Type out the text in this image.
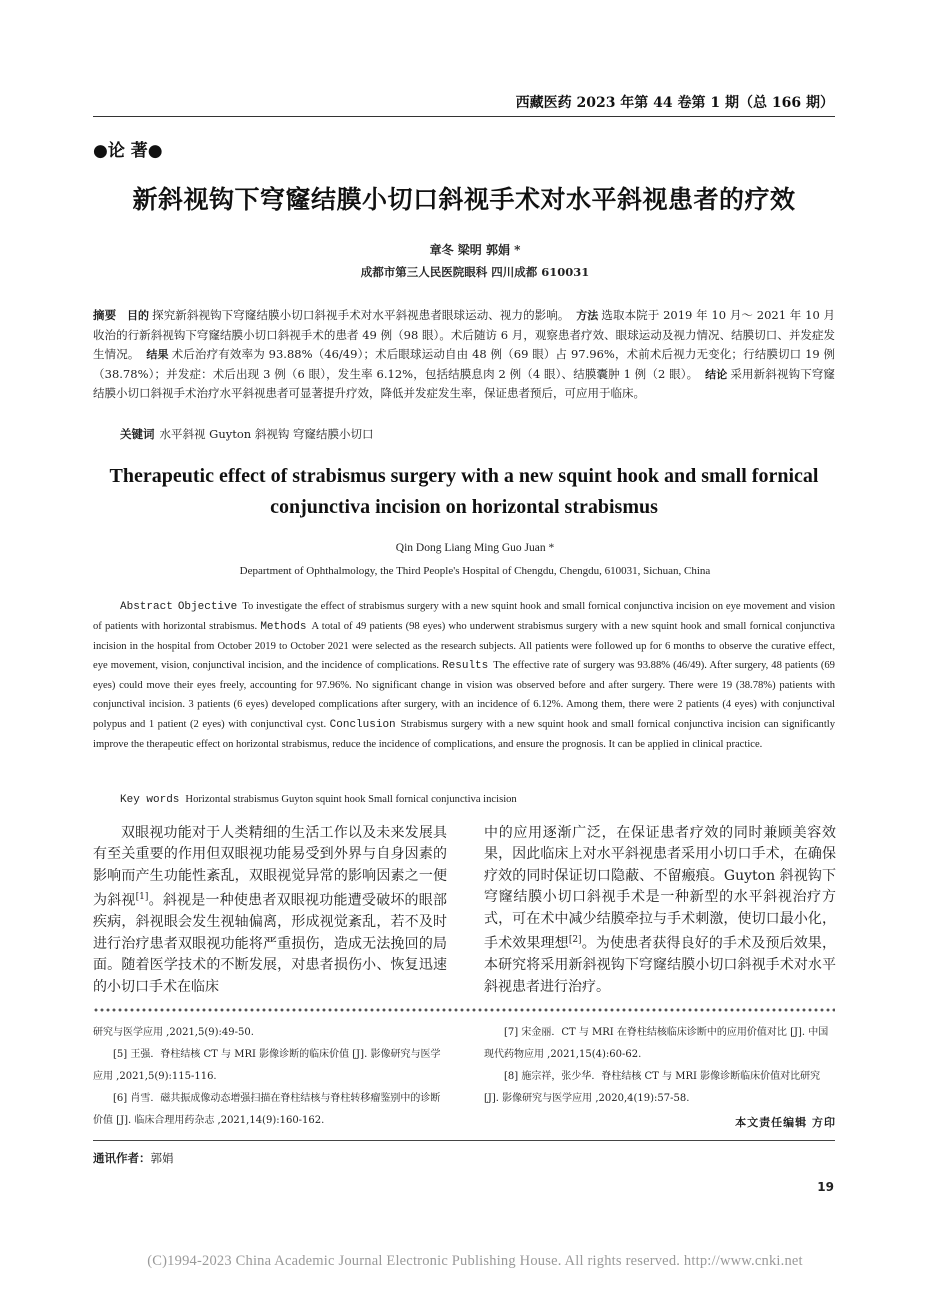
西藏医药 2023 年第 44 卷第 1 期（总 166 期）
●论 著●
新斜视钩下穹窿结膜小切口斜视手术对水平斜视患者的疗效
章冬 梁明 郭娟 *
成都市第三人民医院眼科 四川成都 610031
摘要 目的 探究新斜视钩下穹窿结膜小切口斜视手术对水平斜视患者眼球运动、视力的影响。 方法 选取本院于 2019 年 10 月～ 2021 年 10 月收治的行新斜视钩下穹窿结膜小切口斜视手术的患者 49 例（98 眼）。术后随访 6 月，观察患者疗效、眼球运动及视力情况、结膜切口、并发症发生情况。 结果 术后治疗有效率为 93.88%（46/49）；术后眼球运动自由 48 例（69 眼）占 97.96%，术前术后视力无变化；行结膜切口 19 例（38.78%）；并发症：术后出现 3 例（6 眼），发生率 6.12%，包括结膜息肉 2 例（4 眼）、结膜囊肿 1 例（2 眼）。 结论 采用新斜视钩下穹窿结膜小切口斜视手术治疗水平斜视患者可显著提升疗效，降低并发症发生率，保证患者预后，可应用于临床。
关键词 水平斜视 Guyton 斜视钩 穹窿结膜小切口
Therapeutic effect of strabismus surgery with a new squint hook and small fornical conjunctiva incision on horizontal strabismus
Qin Dong Liang Ming Guo Juan *
Department of Ophthalmology, the Third People's Hospital of Chengdu, Chengdu, 610031, Sichuan, China
Abstract Objective To investigate the effect of strabismus surgery with a new squint hook and small fornical conjunctiva incision on eye movement and vision of patients with horizontal strabismus. Methods A total of 49 patients (98 eyes) who underwent strabismus surgery with a new squint hook and small fornical conjunctiva incision in the hospital from October 2019 to October 2021 were selected as the research subjects. All patients were followed up for 6 months to observe the curative effect, eye movement, vision, conjunctival incision, and the incidence of complications. Results The effective rate of surgery was 93.88% (46/49). After surgery, 48 patients (69 eyes) could move their eyes freely, accounting for 97.96%. No significant change in vision was observed before and after surgery. There were 19 (38.78%) patients with conjunctival incision. 3 patients (6 eyes) developed complications after surgery, with an incidence of 6.12%. Among them, there were 2 patients (4 eyes) with conjunctival polypus and 1 patient (2 eyes) with conjunctival cyst. Conclusion Strabismus surgery with a new squint hook and small fornical conjunctiva incision can significantly improve the therapeutic effect on horizontal strabismus, reduce the incidence of complications, and ensure the prognosis. It can be applied in clinical practice.
Key words Horizontal strabismus Guyton squint hook Small fornical conjunctiva incision
双眼视功能对于人类精细的生活工作以及未来发展具有至关重要的作用但双眼视功能易受到外界与自身因素的影响而产生功能性紊乱，双眼视觉异常的影响因素之一便为斜视[1]。斜视是一种使患者双眼视功能遭受破坏的眼部疾病，斜视眼会发生视轴偏离，形成视觉紊乱，若不及时进行治疗患者双眼视功能将严重损伤，造成无法挽回的局面。随着医学技术的不断发展，对患者损伤小、恢复迅速的小切口手术在临床
中的应用逐渐广泛，在保证患者疗效的同时兼顾美容效果，因此临床上对水平斜视患者采用小切口手术，在确保疗效的同时保证切口隐蔽、不留瘢痕。Guyton 斜视钩下穹窿结膜小切口斜视手术是一种新型的水平斜视治疗方式，可在术中减少结膜牵拉与手术刺激，使切口最小化，手术效果理想[2]。为使患者获得良好的手术及预后效果，本研究将采用新斜视钩下穹窿结膜小切口斜视手术对水平斜视患者进行治疗。
研究与医学应用 ,2021,5(9):49-50.
[5] 王强．脊柱结核 CT 与 MRI 影像诊断的临床价值 [J]. 影像研究与医学应用 ,2021,5(9):115-116.
[6] 肖雪．磁共振成像动态增强扫描在脊柱结核与脊柱转移瘤鉴别中的诊断价值 [J]. 临床合理用药杂志 ,2021,14(9):160-162.
[7] 宋金丽．CT 与 MRI 在脊柱结核临床诊断中的应用价值对比 [J]. 中国现代药物应用 ,2021,15(4):60-62.
[8] 施宗祥，张少华．脊柱结核 CT 与 MRI 影像诊断临床价值对比研究 [J]. 影像研究与医学应用 ,2020,4(19):57-58.
本文责任编辑 方印
通讯作者：郭娟
19
(C)1994-2023 China Academic Journal Electronic Publishing House. All rights reserved. http://www.cnki.net
